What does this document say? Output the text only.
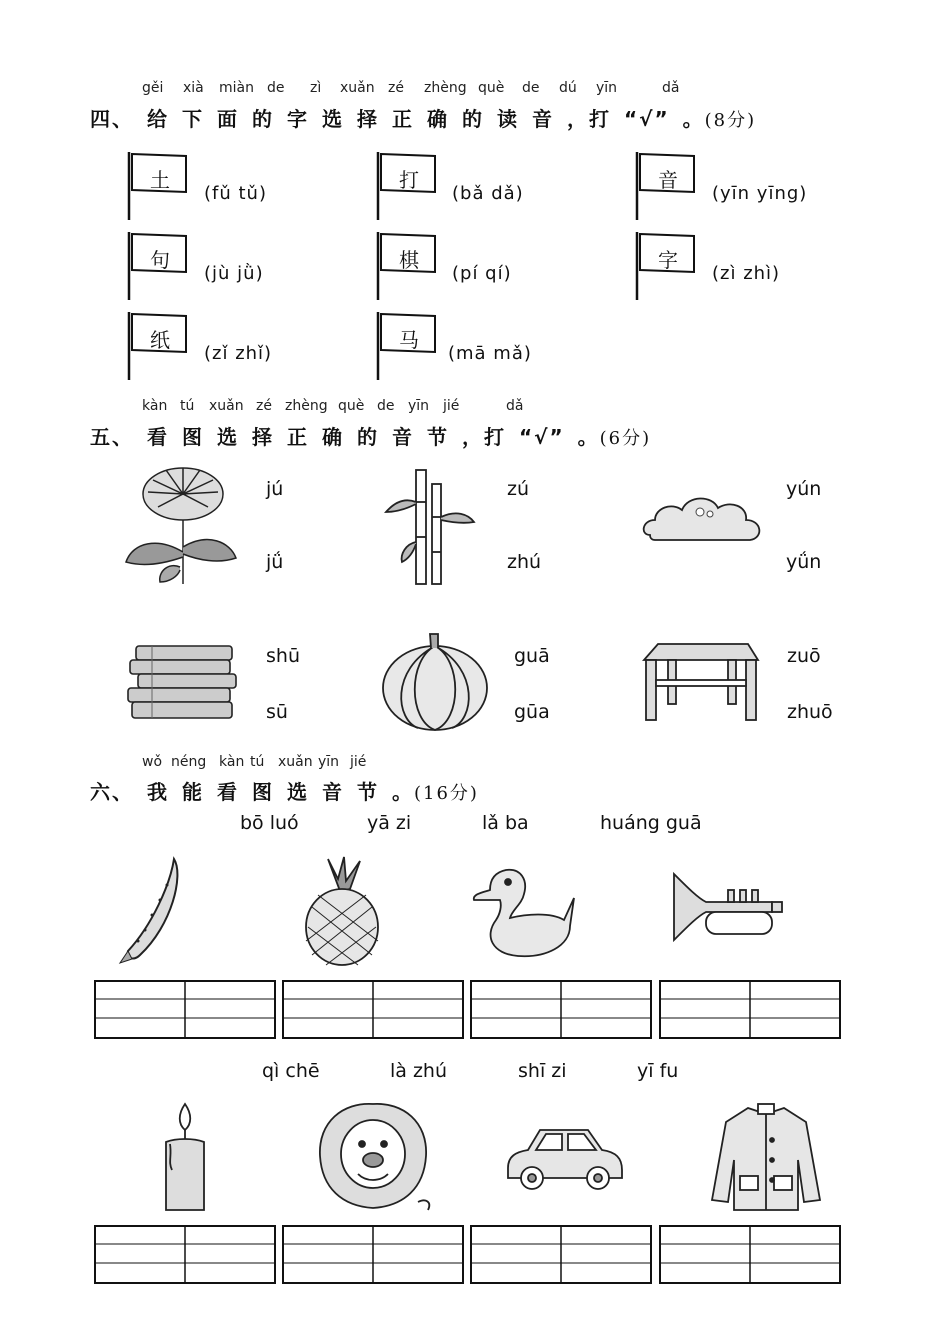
gěi xià miàn de zì xuǎn zé zhèng què de dú yīn	dǎ
四、 给 下 面 的 字 选 择 正 确 的 读 音 ，打 “√” 。(8分)
土
(fǔ tǔ)
打
(bǎ dǎ)
音
(yīn yīng)
句
(jù jǜ)
棋
(pí qí)
字
(zì zhì)
纸
(zǐ zhǐ)
马
(mā mǎ)
kàn tú xuǎn zé zhèng què de yīn jié	dǎ
五、 看 图 选 择 正 确 的 音 节 ，打 “√” 。(6分)
jú
jǘ
zú
zhú
yún
yǘn
shū
sū
guā
gūa
zuō
zhuō
wǒ néng kàn tú xuǎn yīn jié
六、 我 能 看 图 选 音 节 。(16分)
bō luó	yā zi	lǎ ba	huáng guā
qì chē	là zhú	shī zi	yī fu
